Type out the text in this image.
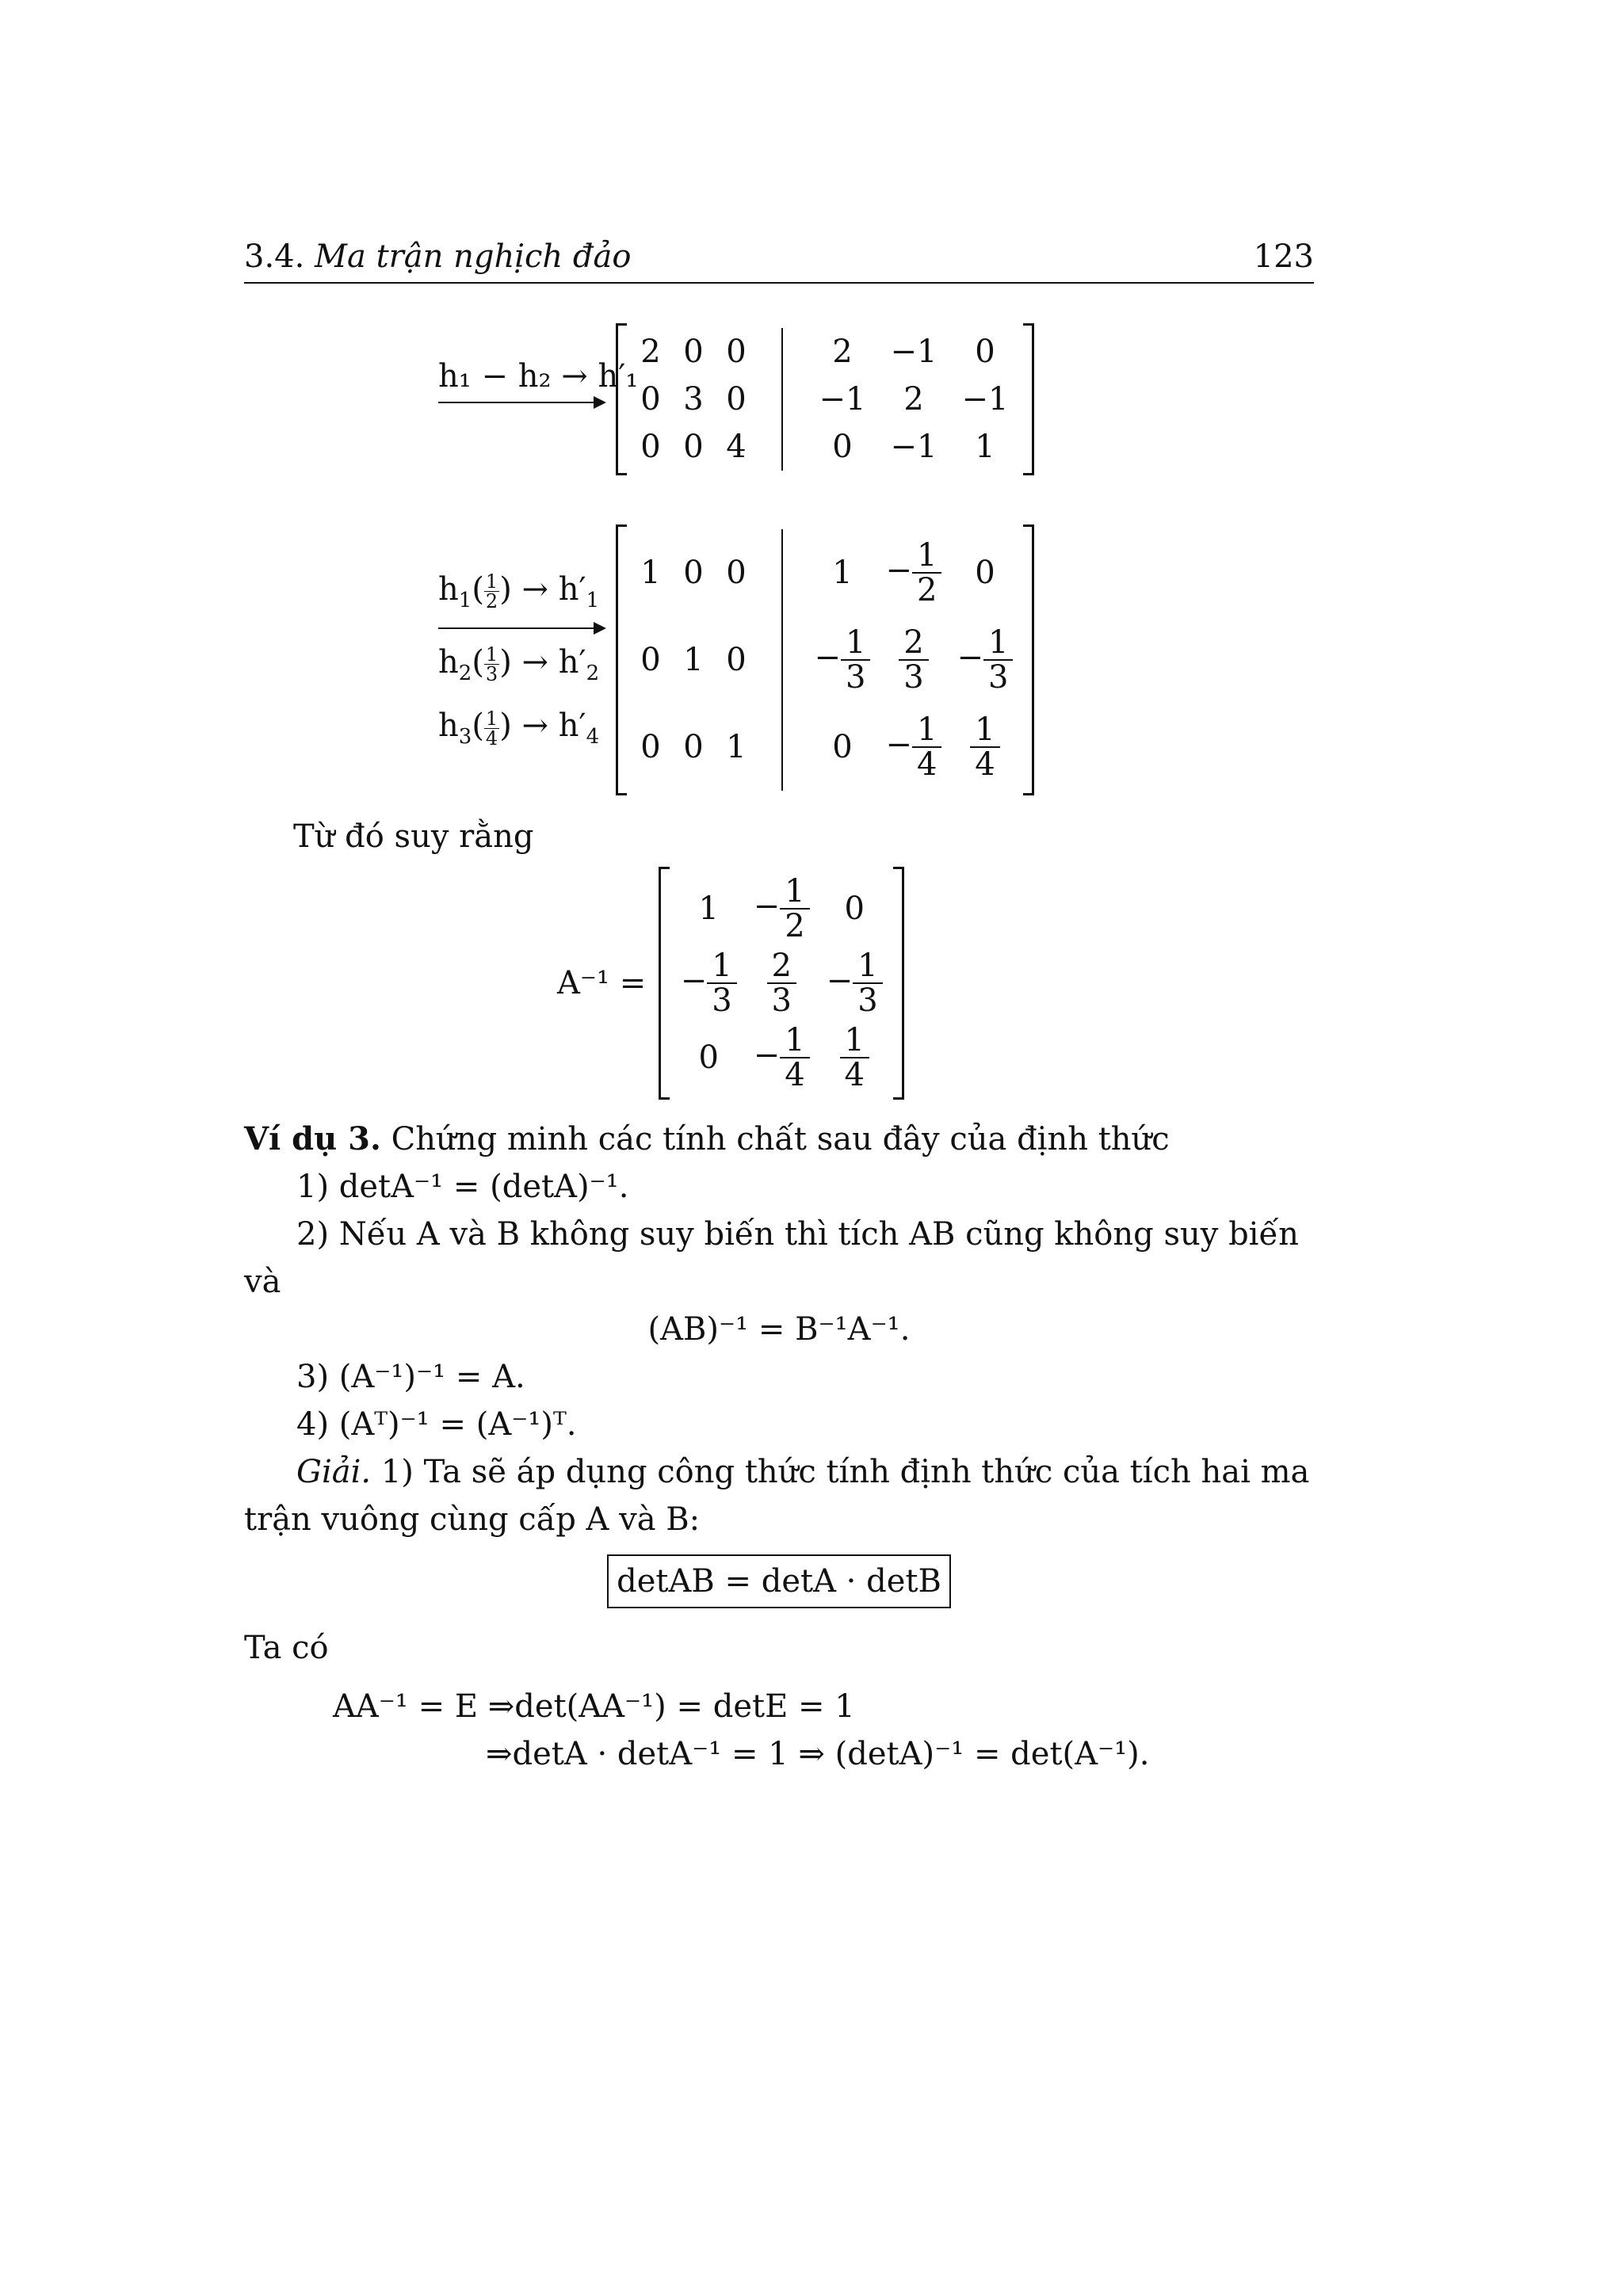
3.4. Ma trận nghịch đảo	123
h₁ − h₂ → h′₁
2 0 0
0 3 0
0 0 4
2 −1 0
−1 2 −1
0 −1 1
$h_1( \frac{1}{2}$ ) → $h'_1$
$h_2( \frac{1}{3}$ ) → $h'_2$
$h_3( \frac{1}{4}$ ) → $h'_4$
1 0 0
0 1 0
0 0 1
$1 - \frac{1}{2} 0$
− $\frac{1}{3} \frac{2}{3} - \frac{1}{3}$
$0 - \frac{1}{4} \frac{1}{4}$

Từ đó suy rằng

A⁻¹ =
$1 - \frac{1}{2} 0$
− $\frac{1}{3} \frac{2}{3} - \frac{1}{3}$
$0 - \frac{1}{4} \frac{1}{4}$

Ví dụ 3. Chứng minh các tính chất sau đây của định thức

1) detA⁻¹ = (detA)⁻¹.

2) Nếu A và B không suy biến thì tích AB cũng không suy biến

và

(AB)⁻¹ = B⁻¹A⁻¹.

3) (A⁻¹)⁻¹ = A.

4) (Aᵀ)⁻¹ = (A⁻¹)ᵀ.

Giải. 1) Ta sẽ áp dụng công thức tính định thức của tích hai ma

trận vuông cùng cấp A và B:

detAB = detA · detB

Ta có

AA⁻¹ = E ⇒det(AA⁻¹) = detE = 1

⇒detA · detA⁻¹ = 1 ⇒ (detA)⁻¹ = det(A⁻¹).
